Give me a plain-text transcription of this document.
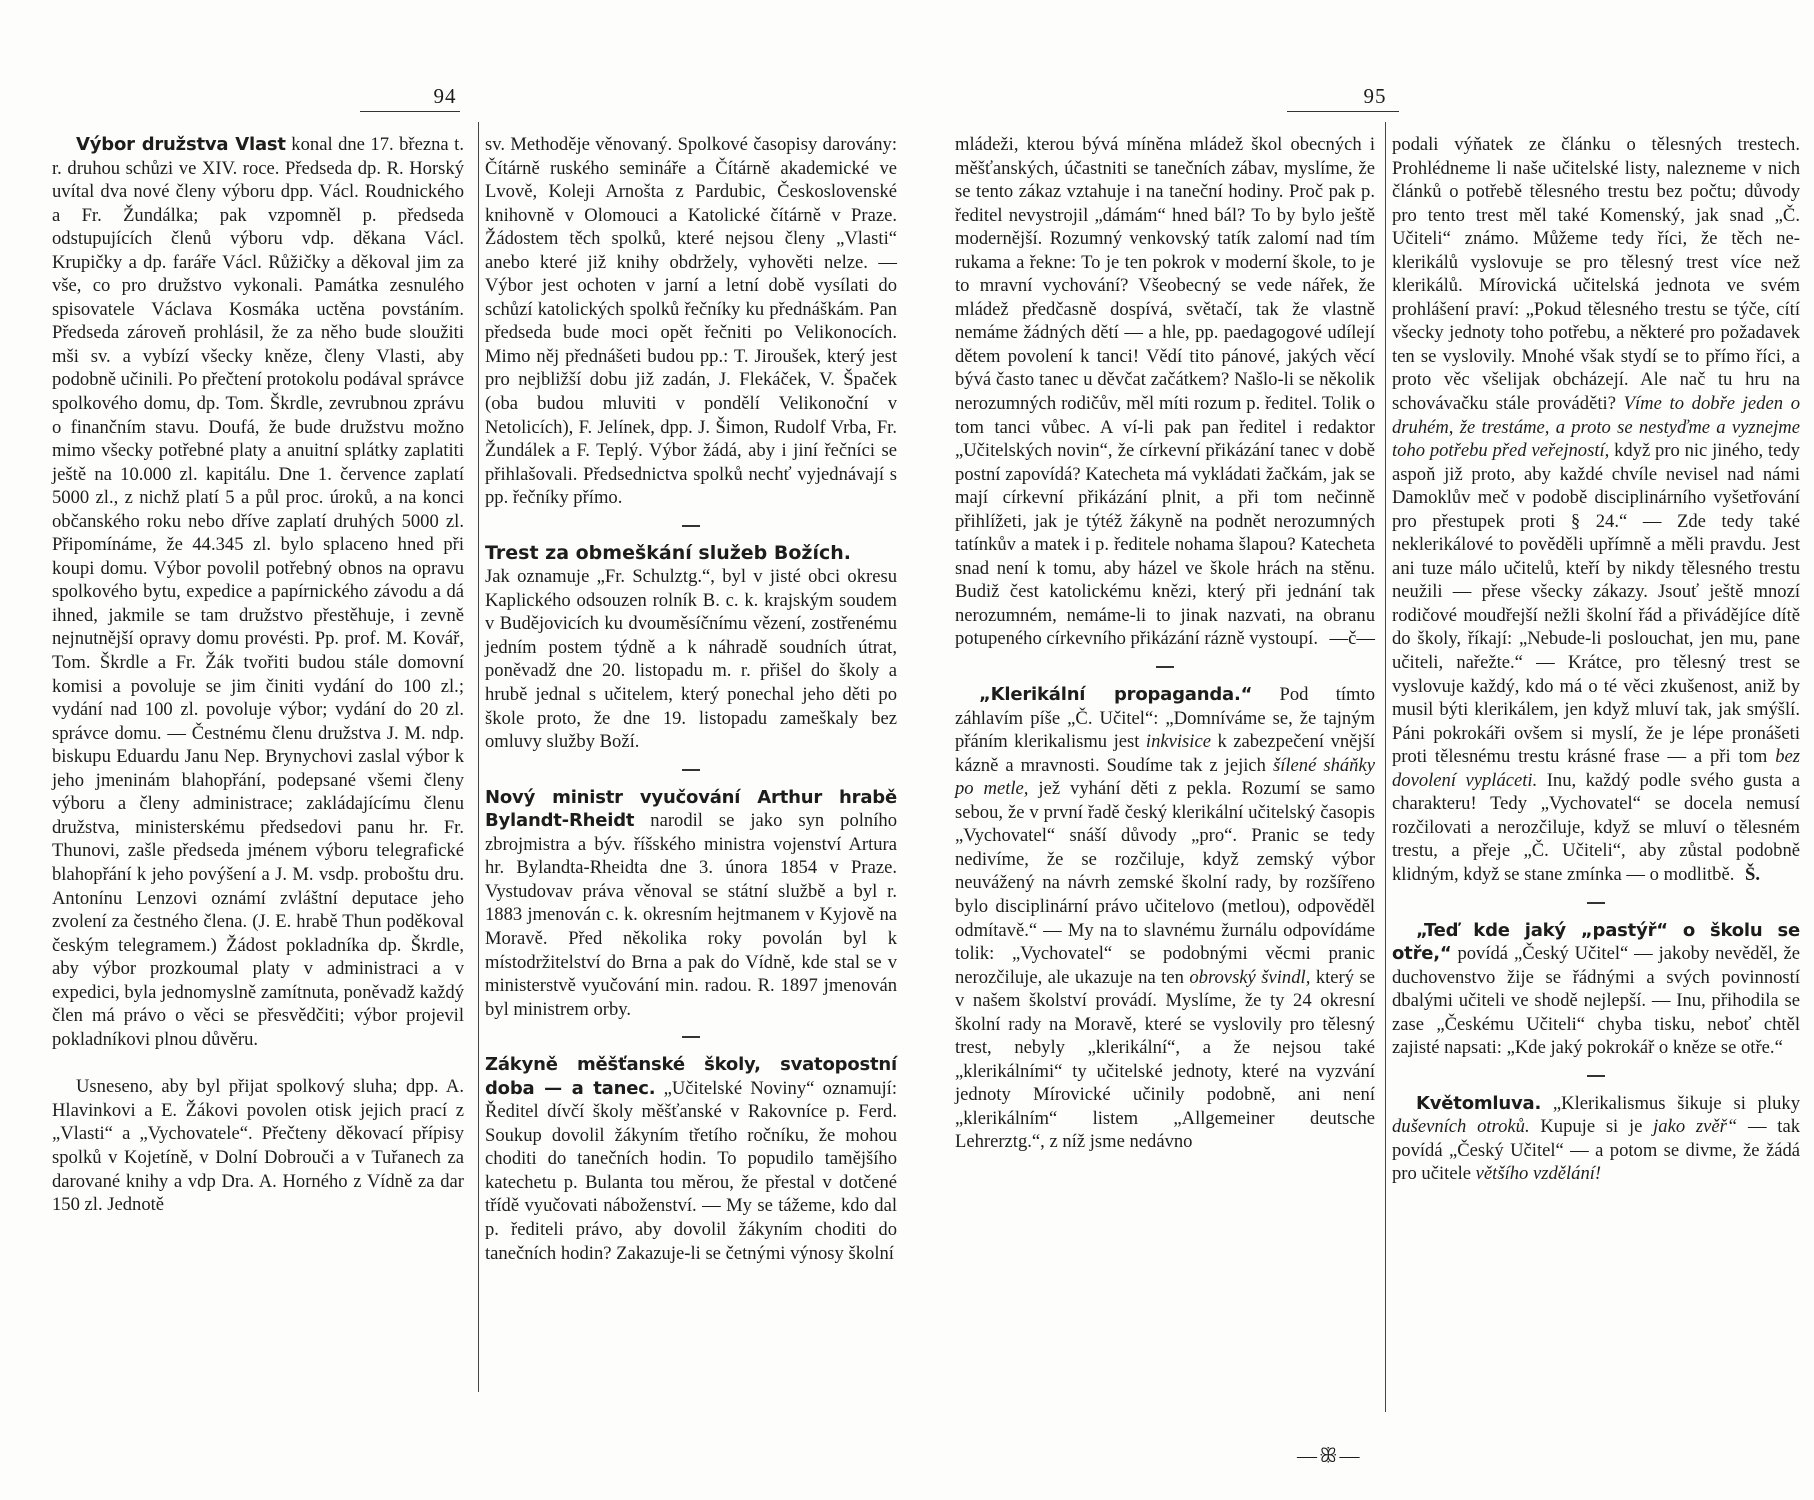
94

Výbor družstva Vlast konal dne 17. března t. r. druhou schůzi ve XIV. roce. Předseda dp. R. Horský uvítal dva nové členy výboru dpp. Václ. Roudnického a Fr. Žundálka; pak vzpomněl p. předseda odstupujících členů výboru vdp. děkana Václ. Krupičky a dp. faráře Václ. Růžičky a děkoval jim za vše, co pro družstvo vykonali. Památka zesnulého spisovatele Václava Kosmáka uctěna povstáním. Předseda zároveň prohlásil, že za něho bude sloužiti mši sv. a vybízí všecky kněze, členy Vlasti, aby podobně učinili. Po přečtení protokolu podával správce spolkového domu, dp. Tom. Škrdle, zevrubnou zprávu o finančním stavu. Doufá, že bude družstvu možno mimo všecky potřebné platy a anuitní splátky zaplatiti ještě na 10.000 zl. kapitálu. Dne 1. července zaplatí 5000 zl., z nichž platí 5 a půl proc. úroků, a na konci občanského roku nebo dříve zaplatí druhých 5000 zl. Připomínáme, že 44.345 zl. bylo splaceno hned při koupi domu. Výbor povolil potřebný obnos na opravu spolkového bytu, expedice a papírnického závodu a dá ihned, jakmile se tam družstvo přestěhuje, i zevně nejnutnější opravy domu provésti. Pp. prof. M. Kovář, Tom. Škrdle a Fr. Žák tvořiti budou stále domovní komisi a povoluje se jim činiti vydání do 100 zl.; vydání nad 100 zl. povoluje výbor; vydání do 20 zl. správce domu. — Čestnému členu družstva J. M. ndp. biskupu Eduardu Janu Nep. Brynychovi zaslal výbor k jeho jmeninám blahopřání, podepsané všemi členy výboru a členy administrace; zakládajícímu členu družstva, ministerskému předsedovi panu hr. Fr. Thunovi, zašle předseda jménem výboru telegrafické blahopřání k jeho povýšení a J. M. vsdp. proboštu dru. Antonínu Lenzovi oznámí zvláštní deputace jeho zvolení za čestného člena. (J. E. hrabě Thun poděkoval českým telegramem.) Žádost pokladníka dp. Škrdle, aby výbor prozkoumal platy v administraci a v expedici, byla jednomyslně zamítnuta, poněvadž každý člen má právo o věci se přesvědčiti; výbor projevil pokladníkovi plnou důvěru.

Usneseno, aby byl přijat spolkový sluha; dpp. A. Hlavinkovi a E. Žákovi povolen otisk jejich prací z „Vlasti“ a „Vychovatele“. Přečteny děkovací přípisy spolků v Kojetíně, v Dolní Dobrouči a v Tuřanech za darované knihy a vdp Dra. A. Horného z Vídně za dar 150 zl. Jednotě

sv. Methoděje věnovaný. Spolkové časopisy darovány: Čítárně ruského semináře a Čítárně akademické ve Lvově, Koleji Arnošta z Pardubic, Československé knihovně v Olomouci a Katolické čítárně v Praze. Žádostem těch spolků, které nejsou členy „Vlasti“ anebo které již knihy obdržely, vyhověti nelze. — Výbor jest ochoten v jarní a letní době vysílati do schůzí katolických spolků řečníky ku přednáškám. Pan předseda bude moci opět řečniti po Velikonocích. Mimo něj přednášeti budou pp.: T. Jiroušek, který jest pro nejbližší dobu již zadán, J. Flekáček, V. Špaček (oba budou mluviti v pondělí Velikonoční v Netolicích), F. Jelínek, dpp. J. Šimon, Rudolf Vrba, Fr. Žundálek a F. Teplý. Výbor žádá, aby i jiní řečníci se přihlašovali. Předsednictva spolků nechť vyjednávají s pp. řečníky přímo.

Trest za obmeškání služeb Božích.
Jak oznamuje „Fr. Schulztg.“, byl v jisté obci okresu Kaplického odsouzen rolník B. c. k. krajským soudem v Budějovicích ku dvouměsíčnímu vězení, zostřenému jedním postem týdně a k náhradě soudních útrat, poněvadž dne 20. listopadu m. r. přišel do školy a hrubě jednal s učitelem, který ponechal jeho děti po škole proto, že dne 19. listopadu zameškaly bez omluvy služby Boží.

Nový ministr vyučování Arthur hrabě Bylandt-Rheidt narodil se jako syn polního zbrojmistra a býv. říšského ministra vojenství Artura hr. Bylandta-Rheidta dne 3. února 1854 v Praze. Vystudovav práva věnoval se státní službě a byl r. 1883 jmenován c. k. okresním hejtmanem v Kyjově na Moravě. Před několika roky povolán byl k místodržitelství do Brna a pak do Vídně, kde stal se v ministerstvě vyučování min. radou. R. 1897 jmenován byl ministrem orby.

Zákyně měšťanské školy, svatopostní doba — a tanec. „Učitelské Noviny“ oznamují: Ředitel dívčí školy měšťanské v Rakovníce p. Ferd. Soukup dovolil žákyním třetího ročníku, že mohou choditi do tanečních hodin. To popudilo tamějšího katechetu p. Bulanta tou měrou, že přestal v dotčené třídě vyučovati náboženství. — My se tážeme, kdo dal p. řediteli právo, aby dovolil žákyním choditi do tanečních hodin? Zakazuje-li se četnými výnosy školní

95

mládeži, kterou bývá míněna mládež škol obecných i měšťanských, účastniti se tanečních zábav, myslíme, že se tento zákaz vztahuje i na taneční hodiny. Proč pak p. ředitel nevystrojil „dámám“ hned bál? To by bylo ještě modernější. Rozumný venkovský tatík zalomí nad tím rukama a řekne: To je ten pokrok v moderní škole, to je to mravní vychování? Všeobecný se vede nářek, že mládež předčasně dospívá, světačí, tak že vlastně nemáme žádných dětí — a hle, pp. paedagogové udílejí dětem povolení k tanci! Vědí tito pánové, jakých věcí bývá často tanec u děvčat začátkem? Našlo-li se několik nerozumných rodičův, měl míti rozum p. ředitel. Tolik o tom tanci vůbec. A ví-li pak pan ředitel i redaktor „Učitelských novin“, že církevní přikázání tanec v době postní zapovídá? Katecheta má vykládati žačkám, jak se mají církevní přikázání plnit, a při tom nečinně přihlížeti, jak je týtéž žákyně na podnět nerozumných tatínkův a matek i p. ředitele nohama šlapou? Katecheta snad není k tomu, aby házel ve škole hrách na stěnu. Budiž čest katolickému knězi, který při jednání tak nerozumném, nemáme-li to jinak nazvati, na obranu potupeného církevního přikázání rázně vystoupí. —č—

„Klerikální propaganda.“ Pod tímto záhlavím píše „Č. Učitel“: „Domníváme se, že tajným přáním klerikalismu jest inkvisice k zabezpečení vnější kázně a mravnosti. Soudíme tak z jejich šílené sháňky po metle, jež vyhání děti z pekla. Rozumí se samo sebou, že v první řadě český klerikální učitelský časopis „Vychovatel“ snáší důvody „pro“. Pranic se tedy nedivíme, že se rozčiluje, když zemský výbor neuvážený na návrh zemské školní rady, by rozšířeno bylo disciplinární právo učitelovo (metlou), odpověděl odmítavě.“ — My na to slavnému žurnálu odpovídáme tolik: „Vychovatel“ se podobnými věcmi pranic nerozčiluje, ale ukazuje na ten obrovský švindl, který se v našem školství provádí. Myslíme, že ty 24 okresní školní rady na Moravě, které se vyslovily pro tělesný trest, nebyly „klerikální“, a že nejsou také „klerikálními“ ty učitelské jednoty, které na vyzvání jednoty Mírovické učinily podobně, ani není „klerikálním“ listem „Allgemeiner deutsche Lehrerztg.“, z níž jsme nedávno

podali výňatek ze článku o tělesných trestech. Prohlédneme li naše učitelské listy, nalezneme v nich článků o potřebě tělesného trestu bez počtu; důvody pro tento trest měl také Komenský, jak snad „Č. Učiteli“ známo. Můžeme tedy říci, že těch ne-klerikálů vyslovuje se pro tělesný trest více než klerikálů. Mírovická učitelská jednota ve svém prohlášení praví: „Pokud tělesného trestu se týče, cítí všecky jednoty toho potřebu, a některé pro požadavek ten se vyslovily. Mnohé však stydí se to přímo říci, a proto věc všelijak obcházejí. Ale nač tu hru na schovávačku stále prováděti? Víme to dobře jeden o druhém, že trestáme, a proto se nestyďme a vyznejme toho potřebu před veřejností, když pro nic jiného, tedy aspoň již proto, aby každé chvíle nevisel nad námi Damoklův meč v podobě disciplinárního vyšetřování pro přestupek proti § 24.“ — Zde tedy také neklerikálové to pověděli upřímně a měli pravdu. Jest ani tuze málo učitelů, kteří by nikdy tělesného trestu neužili — přese všecky zákazy. Jsouť ještě mnozí rodičové moudřejší nežli školní řád a přivádějíce dítě do školy, říkají: „Nebude-li poslouchat, jen mu, pane učiteli, nařežte.“ — Krátce, pro tělesný trest se vyslovuje každý, kdo má o té věci zkušenost, aniž by musil býti klerikálem, jen když mluví tak, jak smýšlí. Páni pokrokáři ovšem si myslí, že je lépe pronášeti proti tělesnému trestu krásné frase — a při tom bez dovolení vypláceti. Inu, každý podle svého gusta a charakteru! Tedy „Vychovatel“ se docela nemusí rozčilovati a nerozčiluje, když se mluví o tělesném trestu, a přeje „Č. Učiteli“, aby zůstal podobně klidným, když se stane zmínka — o modlitbě. Š.

„Teď kde jaký „pastýř“ o školu se otře,“ povídá „Český Učitel“ — jakoby nevěděl, že duchovenstvo žije se řádnými a svých povinností dbalými učiteli ve shodě nejlepší. — Inu, přihodila se zase „Českému Učiteli“ chyba tisku, neboť chtěl zajisté napsati: „Kde jaký pokrokář o kněze se otře.“

Květomluva. „Klerikalismus šikuje si pluky duševních otroků. Kupuje si je jako zvěř“ — tak povídá „Český Učitel“ — a potom se divme, že žádá pro učitele většího vzdělání!

—ꕥ—
